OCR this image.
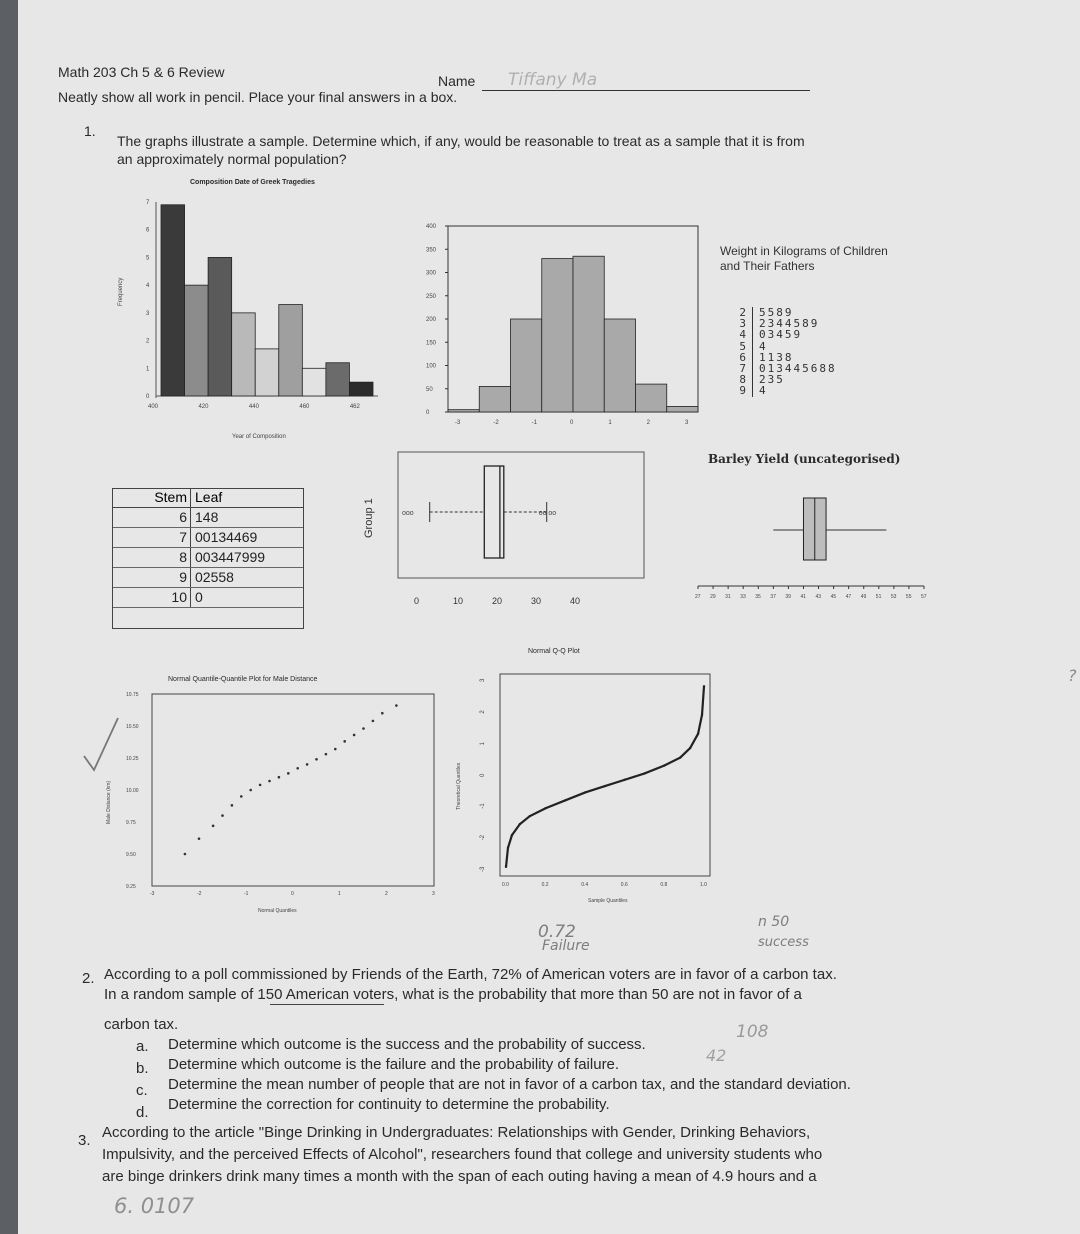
Math 203 Ch 5 & 6 Review
Name Tiffany Ma
Neatly show all work in pencil. Place your final answers in a box.
1.
The graphs illustrate a sample. Determine which, if any, would be reasonable to treat as a sample that it is from
an approximately normal population?
Composition Date of Greek Tragedies
Frequency
Year of Composition
0
1
2
3
4
5
6
7
400	420	440	460	462
0
50
100
150
200
250
300
350
400
-3	-2	-1	0	1	2	3
Weight in Kilograms of Children and Their Fathers
2	5589
3	2344589
4	03459
5	4
6	1138
7	013445688
8	235
9	4
Stem Leaf
6 148
7 00134469
8 003447999
9 02558
10 0
Group 1	ooo	oo oo
0	10	20	30	40
Barley Yield (uncategorised)
27 29 31 33 35 37 39 41 43 45 47 49 51 53 55 57
Normal Quantile-Quantile Plot for Male Distance
Male Distance (km)
Normal Quantiles
9.25
9.50
9.75
10.00
10.25
10.50
10.75
-3	-2	-1	0	1	2	3
Normal Q-Q Plot
Theoretical Quantiles
Sample Quantiles
-3
-2
-1
0
1
2
3
0.0	0.2	0.4	0.6	0.8	1.0
?
0.72
Failure
n 50
success
2. According to a poll commissioned by Friends of the Earth, 72% of American voters are in favor of a carbon tax.
In a random sample of 150 American voters, what is the probability that more than 50 are not in favor of a
carbon tax.
a. Determine which outcome is the success and the probability of success.
108
b. Determine which outcome is the failure and the probability of failure.	42
c. Determine the mean number of people that are not in favor of a carbon tax, and the standard deviation.
d. Determine the correction for continuity to determine the probability.
3. According to the article "Binge Drinking in Undergraduates: Relationships with Gender, Drinking Behaviors,
Impulsivity, and the perceived Effects of Alcohol", researchers found that college and university students who
are binge drinkers drink many times a month with the span of each outing having a mean of 4.9 hours and a
6. 0107
